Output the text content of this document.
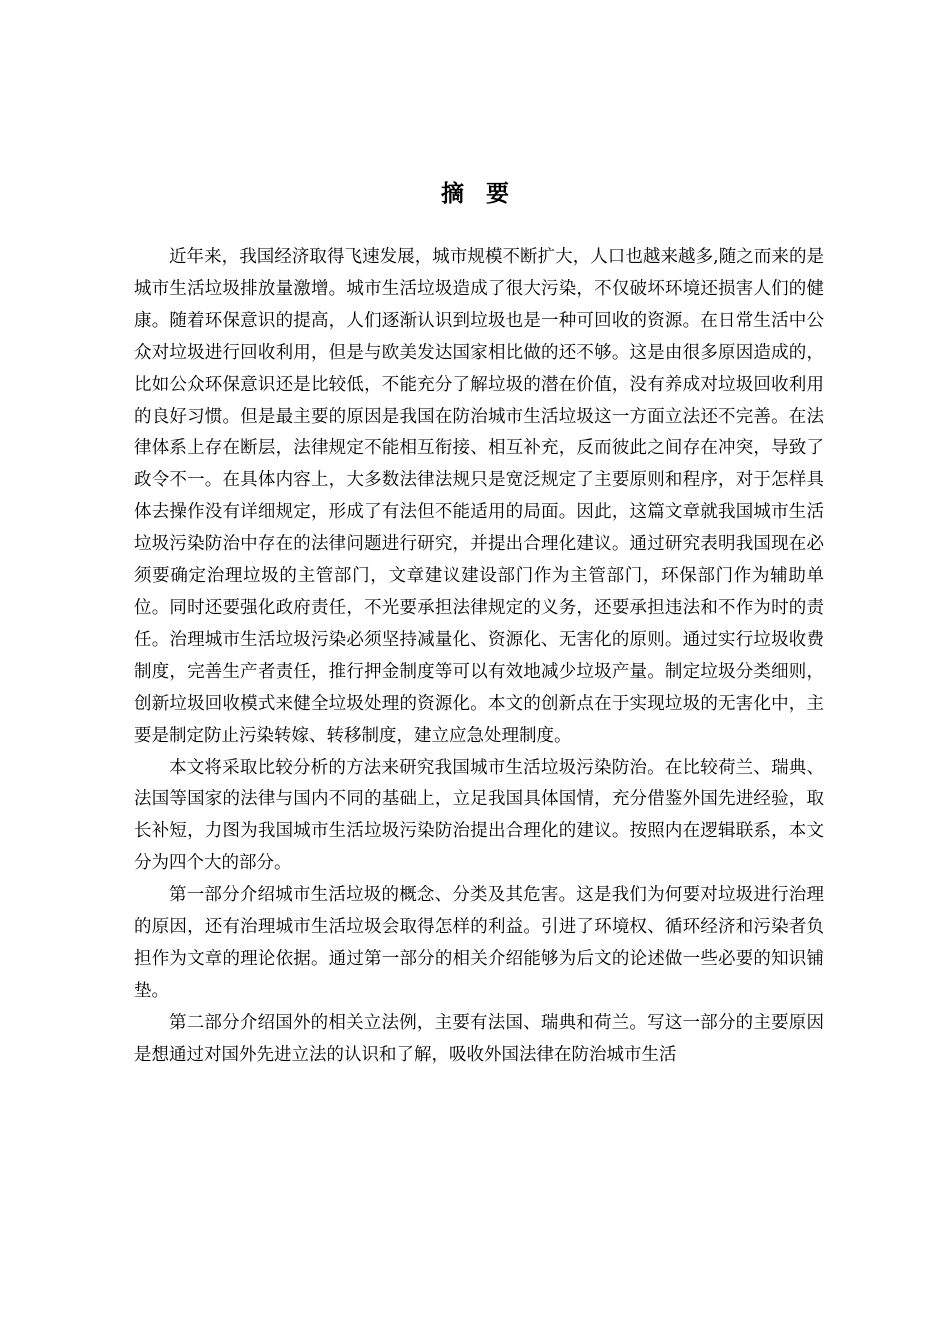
摘 要

近年来，我国经济取得飞速发展，城市规模不断扩大，人口也越来越多,随之而来的是城市生活垃圾排放量激增。城市生活垃圾造成了很大污染，不仅破坏环境还损害人们的健康。随着环保意识的提高，人们逐渐认识到垃圾也是一种可回收的资源。在日常生活中公众对垃圾进行回收利用，但是与欧美发达国家相比做的还不够。这是由很多原因造成的，比如公众环保意识还是比较低，不能充分了解垃圾的潜在价值，没有养成对垃圾回收利用的良好习惯。但是最主要的原因是我国在防治城市生活垃圾这一方面立法还不完善。在法律体系上存在断层，法律规定不能相互衔接、相互补充，反而彼此之间存在冲突，导致了政令不一。在具体内容上，大多数法律法规只是宽泛规定了主要原则和程序，对于怎样具体去操作没有详细规定，形成了有法但不能适用的局面。因此，这篇文章就我国城市生活垃圾污染防治中存在的法律问题进行研究，并提出合理化建议。通过研究表明我国现在必须要确定治理垃圾的主管部门，文章建议建设部门作为主管部门，环保部门作为辅助单位。同时还要强化政府责任，不光要承担法律规定的义务，还要承担违法和不作为时的责任。治理城市生活垃圾污染必须坚持减量化、资源化、无害化的原则。通过实行垃圾收费制度，完善生产者责任，推行押金制度等可以有效地减少垃圾产量。制定垃圾分类细则，创新垃圾回收模式来健全垃圾处理的资源化。本文的创新点在于实现垃圾的无害化中，主要是制定防止污染转嫁、转移制度，建立应急处理制度。

本文将采取比较分析的方法来研究我国城市生活垃圾污染防治。在比较荷兰、瑞典、法国等国家的法律与国内不同的基础上，立足我国具体国情，充分借鉴外国先进经验，取长补短，力图为我国城市生活垃圾污染防治提出合理化的建议。按照内在逻辑联系，本文分为四个大的部分。

第一部分介绍城市生活垃圾的概念、分类及其危害。这是我们为何要对垃圾进行治理的原因，还有治理城市生活垃圾会取得怎样的利益。引进了环境权、循环经济和污染者负担作为文章的理论依据。通过第一部分的相关介绍能够为后文的论述做一些必要的知识铺垫。

第二部分介绍国外的相关立法例，主要有法国、瑞典和荷兰。写这一部分的主要原因是想通过对国外先进立法的认识和了解，吸收外国法律在防治城市生活
